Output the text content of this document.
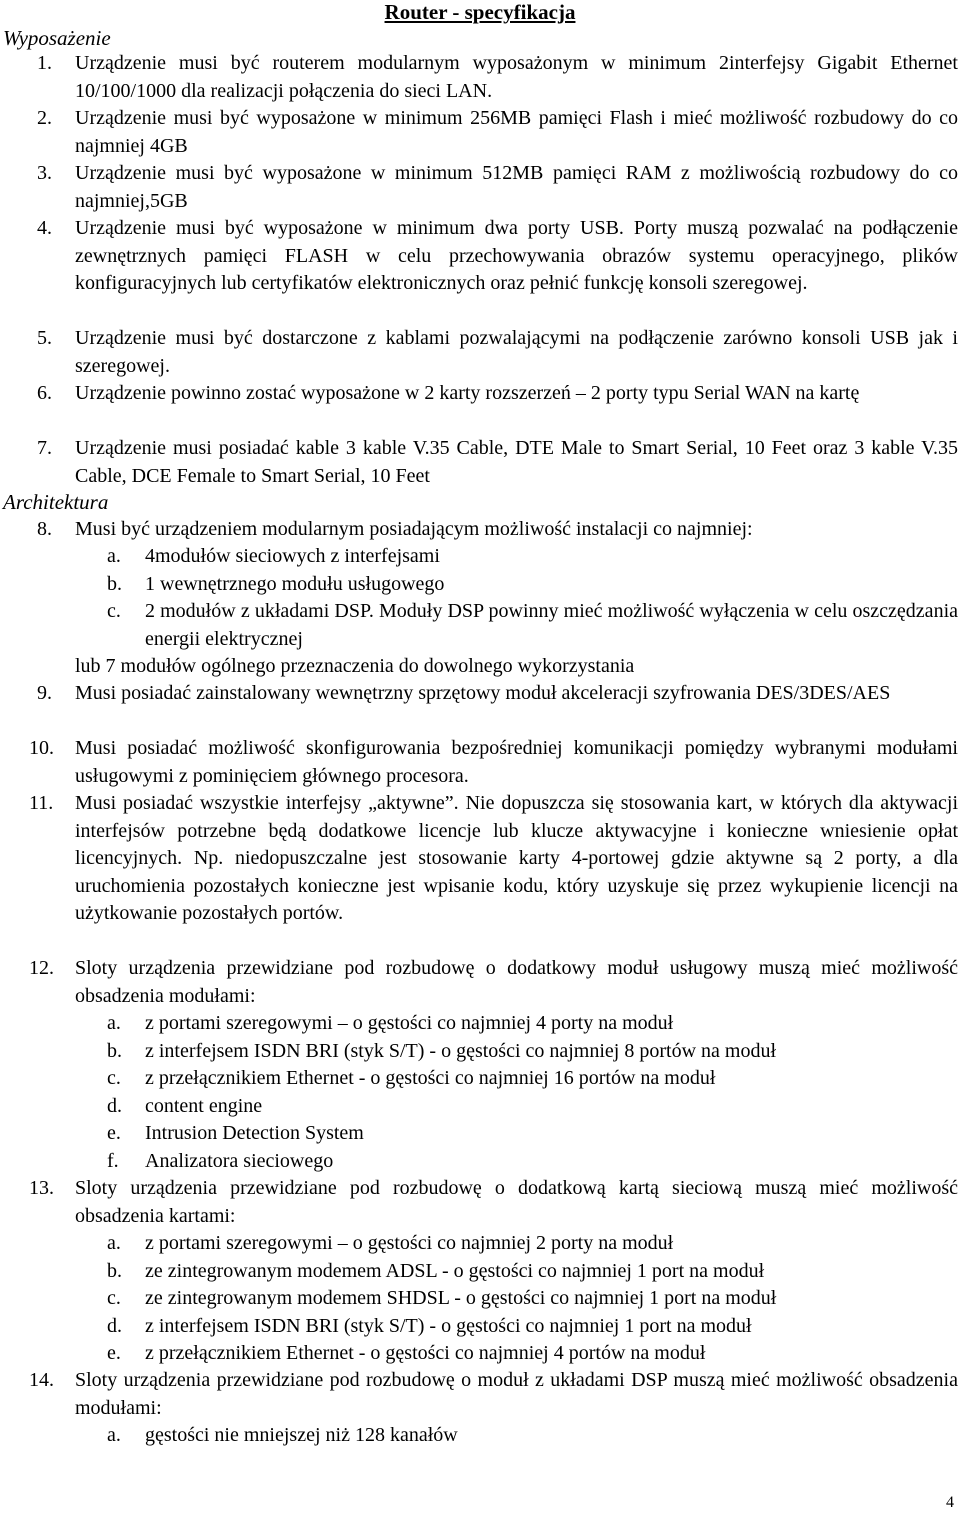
Router - specyfikacja
Wyposażenie
1. Urządzenie musi być routerem modularnym wyposażonym w minimum 2interfejsy Gigabit Ethernet 10/100/1000 dla realizacji połączenia do sieci LAN.
2. Urządzenie musi być wyposażone w minimum 256MB pamięci Flash i mieć możliwość rozbudowy do co najmniej 4GB
3. Urządzenie musi być wyposażone w minimum 512MB pamięci RAM z możliwością rozbudowy do co najmniej,5GB
4. Urządzenie musi być wyposażone w minimum dwa porty USB. Porty muszą pozwalać na podłączenie zewnętrznych pamięci FLASH w celu przechowywania obrazów systemu operacyjnego, plików konfiguracyjnych lub certyfikatów elektronicznych oraz pełnić funkcję konsoli szeregowej.
5. Urządzenie musi być dostarczone z kablami pozwalającymi na podłączenie zarówno konsoli USB jak i szeregowej.
6. Urządzenie powinno zostać wyposażone w 2 karty rozszerzeń – 2 porty typu Serial WAN na kartę
7. Urządzenie musi posiadać kable 3 kable V.35 Cable, DTE Male to Smart Serial, 10 Feet oraz 3 kable V.35 Cable, DCE Female to Smart Serial, 10 Feet
Architektura
8. Musi być urządzeniem modularnym posiadającym możliwość instalacji co najmniej:
a. 4modułów sieciowych z interfejsami
b. 1 wewnętrznego modułu usługowego
c. 2 modułów z układami DSP. Moduły DSP powinny mieć możliwość wyłączenia w celu oszczędzania energii elektrycznej
lub 7 modułów ogólnego przeznaczenia do dowolnego wykorzystania
9. Musi posiadać zainstalowany wewnętrzny sprzętowy moduł akceleracji szyfrowania DES/3DES/AES
10. Musi posiadać możliwość skonfigurowania bezpośredniej komunikacji pomiędzy wybranymi modułami usługowymi z pominięciem głównego procesora.
11. Musi posiadać wszystkie interfejsy „aktywne”. Nie dopuszcza się stosowania kart, w których dla aktywacji interfejsów potrzebne będą dodatkowe licencje lub klucze aktywacyjne i konieczne wniesienie opłat licencyjnych. Np. niedopuszczalne jest stosowanie karty 4-portowej gdzie aktywne są 2 porty, a dla uruchomienia pozostałych konieczne jest wpisanie kodu, który uzyskuje się przez wykupienie licencji na użytkowanie pozostałych portów.
12. Sloty urządzenia przewidziane pod rozbudowę o dodatkowy moduł usługowy muszą mieć możliwość obsadzenia modułami:
a. z portami szeregowymi – o gęstości co najmniej 4 porty na moduł
b. z interfejsem ISDN BRI (styk S/T) - o gęstości co najmniej 8 portów na moduł
c. z przełącznikiem Ethernet - o gęstości co najmniej 16 portów na moduł
d. content engine
e. Intrusion Detection System
f. Analizatora sieciowego
13. Sloty urządzenia przewidziane pod rozbudowę o dodatkową kartą sieciową muszą mieć możliwość obsadzenia kartami:
a. z portami szeregowymi – o gęstości co najmniej 2 porty na moduł
b. ze zintegrowanym modemem ADSL - o gęstości co najmniej 1 port na moduł
c. ze zintegrowanym modemem SHDSL - o gęstości co najmniej 1 port na moduł
d. z interfejsem ISDN BRI (styk S/T) - o gęstości co najmniej 1 port na moduł
e. z przełącznikiem Ethernet - o gęstości co najmniej 4 portów na moduł
14. Sloty urządzenia przewidziane pod rozbudowę o moduł z układami DSP muszą mieć możliwość obsadzenia modułami:
a. gęstości nie mniejszej niż 128 kanałów
4
